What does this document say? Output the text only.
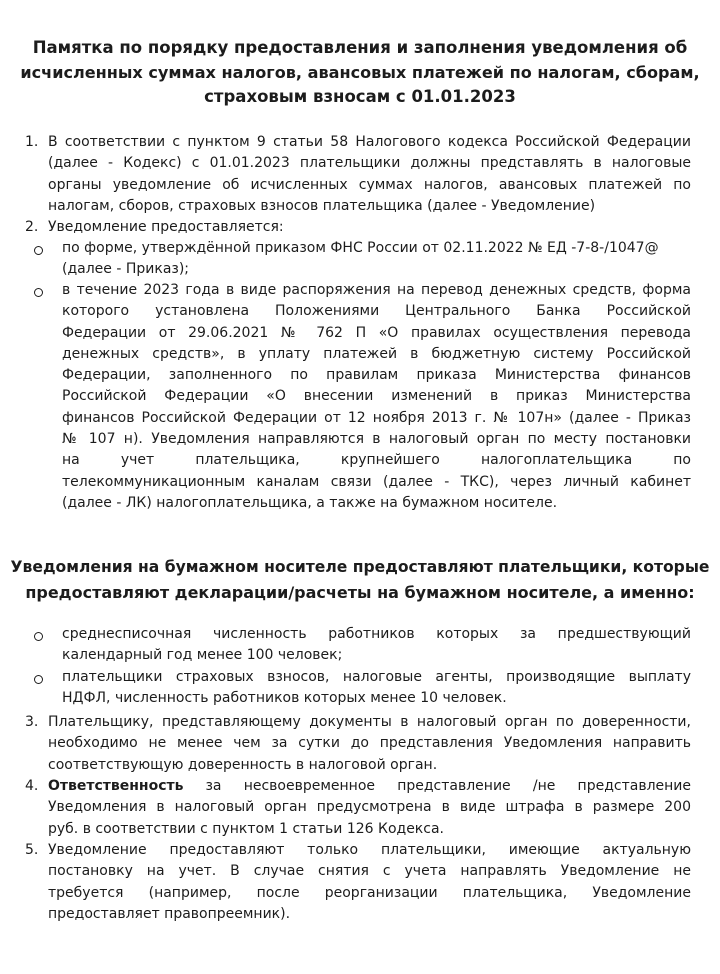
Памятка по порядку предоставления и заполнения уведомления об
исчисленных суммах налогов, авансовых платежей по налогам, сборам,
страховым взносам с 01.01.2023
1. В соответствии с пунктом 9 статьи 58 Налогового кодекса Российской Федерации
(далее - Кодекс) с 01.01.2023 плательщики должны представлять в налоговые
органы уведомление об исчисленных суммах налогов, авансовых платежей по
налогам, сборов, страховых взносов плательщика (далее - Уведомление)
2. Уведомление предоставляется:
по форме, утверждённой приказом ФНС России от 02.11.2022 № ЕД -7-8-/1047@
(далее - Приказ);
в течение 2023 года в виде распоряжения на перевод денежных средств, форма
которого установлена Положениями Центрального Банка Российской
Федерации от 29.06.2021 № 762 П «О правилах осуществления перевода
денежных средств», в уплату платежей в бюджетную систему Российской
Федерации, заполненного по правилам приказа Министерства финансов
Российской Федерации «О внесении изменений в приказ Министерства
финансов Российской Федерации от 12 ноября 2013 г. № 107н» (далее - Приказ
№ 107 н). Уведомления направляются в налоговый орган по месту постановки
на учет плательщика, крупнейшего налогоплательщика по
телекоммуникационным каналам связи (далее - ТКС), через личный кабинет
(далее - ЛК) налогоплательщика, а также на бумажном носителе.
Уведомления на бумажном носителе предоставляют плательщики, которые
предоставляют декларации/расчеты на бумажном носителе, а именно:
среднесписочная численность работников которых за предшествующий
календарный год менее 100 человек;
плательщики страховых взносов, налоговые агенты, производящие выплату
НДФЛ, численность работников которых менее 10 человек.
3. Плательщику, представляющему документы в налоговый орган по доверенности,
необходимо не менее чем за сутки до представления Уведомления направить
соответствующую доверенность в налоговой орган.
4. Ответственность за несвоевременное представление /не представление
Уведомления в налоговый орган предусмотрена в виде штрафа в размере 200
руб. в соответствии с пунктом 1 статьи 126 Кодекса.
5. Уведомление предоставляют только плательщики, имеющие актуальную
постановку на учет. В случае снятия с учета направлять Уведомление не
требуется (например, после реорганизации плательщика, Уведомление
предоставляет правопреемник).
